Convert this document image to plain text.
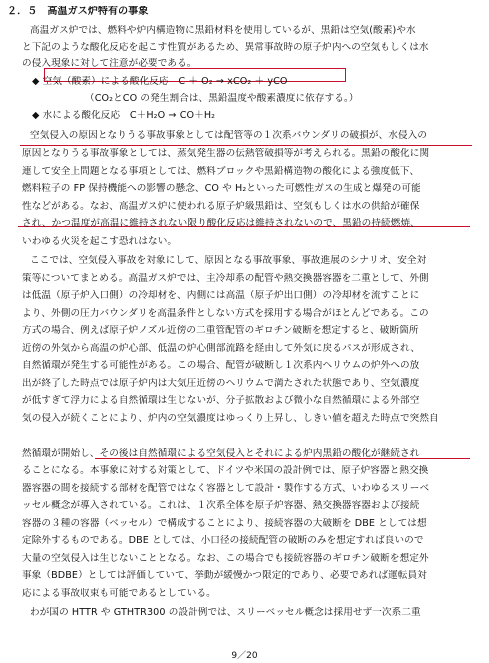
２．５　 高温ガス炉特有の事象
高温ガス炉では、燃料や炉内構造物に黒鉛材料を使用しているが、黒鉛は空気(酸素)や水
と下記のような酸化反応を起こす性質があるため、異常事故時の原子炉内への空気もしくは水
の侵入現象に対して注意が必要である。
◆ 空気（酸素）による酸化反応　C ＋ O₂ → xCO₂ ＋ yCO
（CO₂とCO の発生割合は、黒鉛温度や酸素濃度に依存する。）
◆ 水による酸化反応　C＋H₂O → CO＋H₂
空気侵入の原因となりうる事故事象としては配管等の１次系バウンダリの破損が、水侵入の
原因となりうる事故事象としては、蒸気発生器の伝熱管破損等が考えられる。黒鉛の酸化に関
連して安全上問題となる事項としては、燃料ブロックや黒鉛構造物の酸化による強度低下、
燃料粒子の FP 保持機能への影響の懸念、CO や H₂といった可燃性ガスの生成と爆発の可能
性などがある。なお、高温ガス炉に使われる原子炉級黒鉛は、空気もしくは水の供給が確保
され、かつ温度が高温に維持されない限り酸化反応は維持されないので、黒鉛の持続燃焼、
いわゆる火災を起こす恐れはない。
ここでは、空気侵入事故を対象にして、原因となる事故事象、事故進展のシナリオ、安全対
策等についてまとめる。高温ガス炉では、主冷却系の配管や熱交換器容器を二重として、外側
は低温（原子炉入口側）の冷却材を、内側には高温（原子炉出口側）の冷却材を流すことに
より、外側の圧力バウンダリを高温条件としない方式を採用する場合がほとんどである。この
方式の場合、例えば原子炉ノズル近傍の二重管配管のギロチン破断を想定すると、破断箇所
近傍の外気から高温の炉心部、低温の炉心側部流路を経由して外気に戻るパスが形成され、
自然循環が発生する可能性がある。この場合、配管が破断し１次系内ヘリウムの炉外への放
出が終了した時点では原子炉内は大気圧近傍のヘリウムで満たされた状態であり、空気濃度
が低すぎて浮力による自然循環は生じないが、分子拡散および微小な自然循環による外部空
気の侵入が続くことにより、炉内の空気濃度はゆっくり上昇し、しきい値を超えた時点で突然自
然循環が開始し、その後は自然循環による空気侵入とそれによる炉内黒鉛の酸化が継続され
ることになる。本事象に対する対策として、ドイツや米国の設計例では、原子炉容器と熱交換
器容器の間を接続する部材を配管ではなく容器として設計・製作する方式、いわゆるスリーベ
ッセル概念が導入されている。これは、１次系全体を原子炉容器、熱交換器容器および接続
容器の３種の容器（ベッセル）で構成することにより、接続容器の大破断を DBE としては想
定除外するものである。DBE としては、小口径の接続配管の破断のみを想定すれば良いので
大量の空気侵入は生じないこととなる。なお、この場合でも接続容器のギロチン破断を想定外
事象（BDBE）としては評価していて、挙動が緩慢かつ限定的であり、必要であれば運転員対
応による事故収束も可能であるとしている。
わが国の HTTR や GTHTR300 の設計例では、スリーベッセル概念は採用せず一次系二重
9／20
